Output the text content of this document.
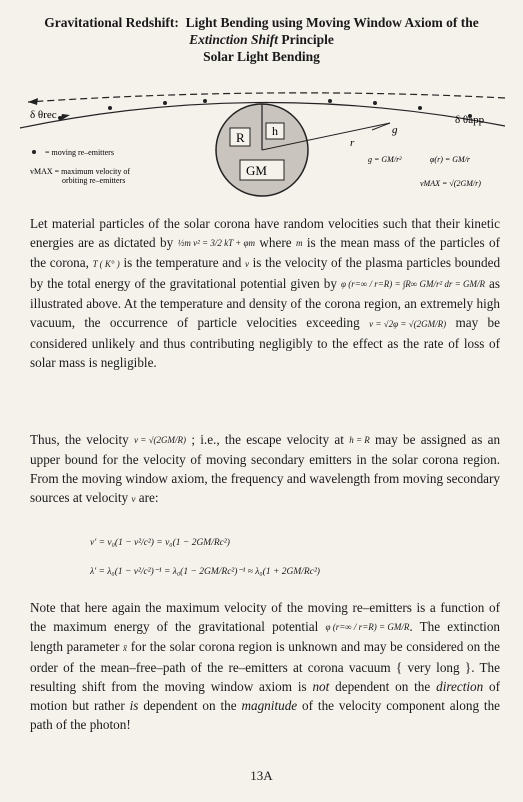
Gravitational Redshift: Light Bending using Moving Window Axiom of the
Extinction Shift Principle
Solar Light Bending
R h
GM
g
r
δ θrec	δ θapp
= moving re–emitters
vMAX = maximum velocity of
orbiting re–emitters
g = GM/r²	φ(r) = GM/r
vMAX = √(2GM/r)
Let material particles of the solar corona have random velocities such that their kinetic energies are as dictated by ½m v² = 3/2 kT + φm where m is the mean mass of the particles of the corona, T ( K° ) is the temperature and v is the velocity of the plasma particles bounded by the total energy of the gravitational potential given by φ (r=∞ / r=R) = ∫R∞ GM/r² dr = GM/R as illustrated above. At the temperature and density of the corona region, an extremely high vacuum, the occurrence of particle velocities exceeding v = √2φ = √(2GM/R) may be considered unlikely and thus contributing negligibly to the effect as the rate of loss of solar mass is negligible.
Thus, the velocity v = √(2GM/R) ; i.e., the escape velocity at h = R may be assigned as an upper bound for the velocity of moving secondary emitters in the solar corona region. From the moving window axiom, the frequency and wavelength from moving secondary sources at velocity v are:
ν' = ν₀(1 − v²/c²) = ν₀(1 − 2GM/Rc²)
λ' = λ₀(1 − v²/c²)⁻¹ = λ₀(1 − 2GM/Rc²)⁻¹ ≈ λ₀(1 + 2GM/Rc²)
Note that here again the maximum velocity of the moving re–emitters is a function of the maximum energy of the gravitational potential φ (r=∞ / r=R) = GM/R. The extinction length parameter x̄ for the solar corona region is unknown and may be considered on the order of the mean–free–path of the re–emitters at corona vacuum { very long }. The resulting shift from the moving window axiom is not dependent on the direction of motion but rather is dependent on the magnitude of the velocity component along the path of the photon!
13A
